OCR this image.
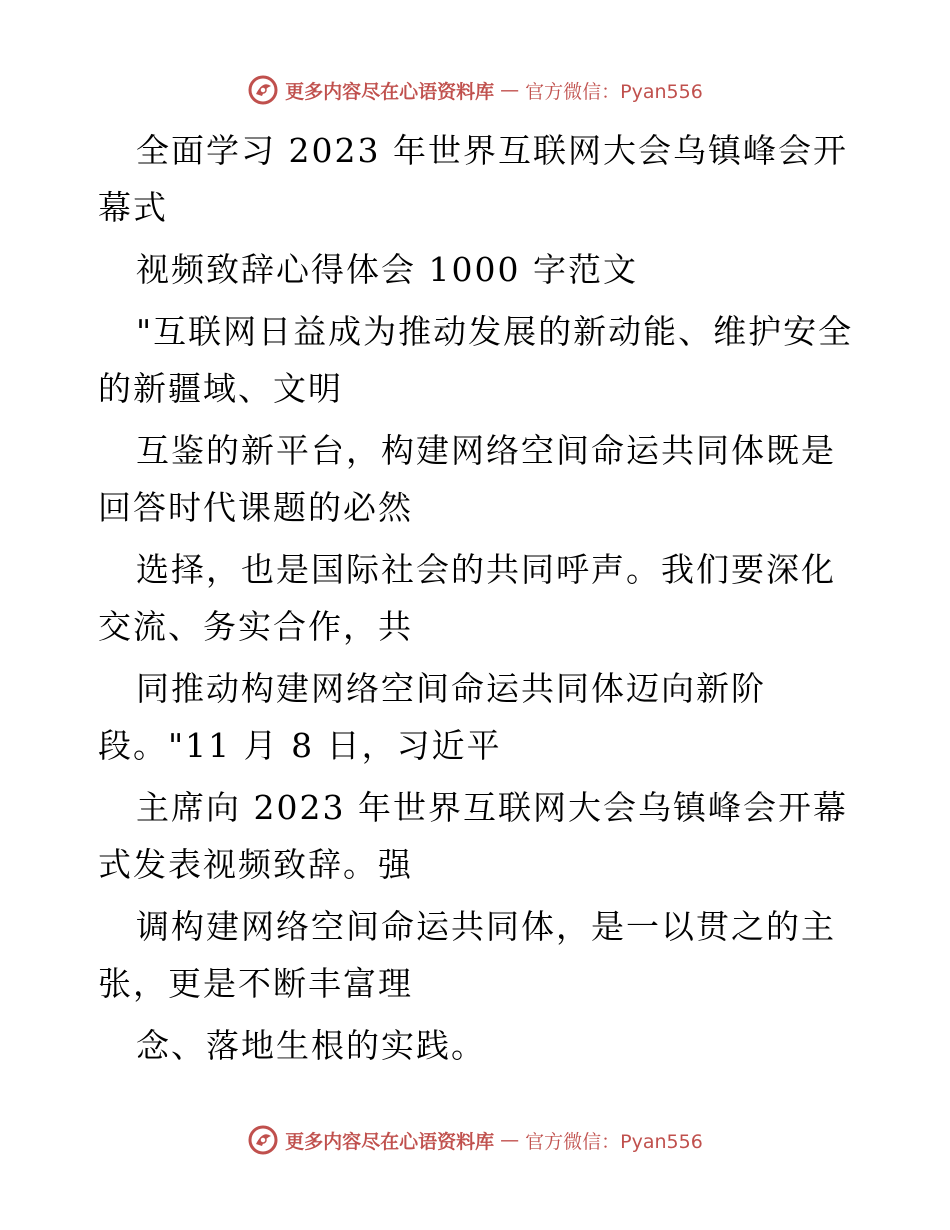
更多内容尽在心语资料库 — 官方微信：Pyan556

全面学习 2023 年世界互联网大会乌镇峰会开幕式

视频致辞心得体会 1000 字范文

"互联网日益成为推动发展的新动能、维护安全的新疆域、文明

互鉴的新平台，构建网络空间命运共同体既是回答时代课题的必然

选择，也是国际社会的共同呼声。我们要深化交流、务实合作，共

同推动构建网络空间命运共同体迈向新阶段。"11 月 8 日，习近平

主席向 2023 年世界互联网大会乌镇峰会开幕式发表视频致辞。强

调构建网络空间命运共同体，是一以贯之的主张，更是不断丰富理

念、落地生根的实践。

更多内容尽在心语资料库 — 官方微信：Pyan556
